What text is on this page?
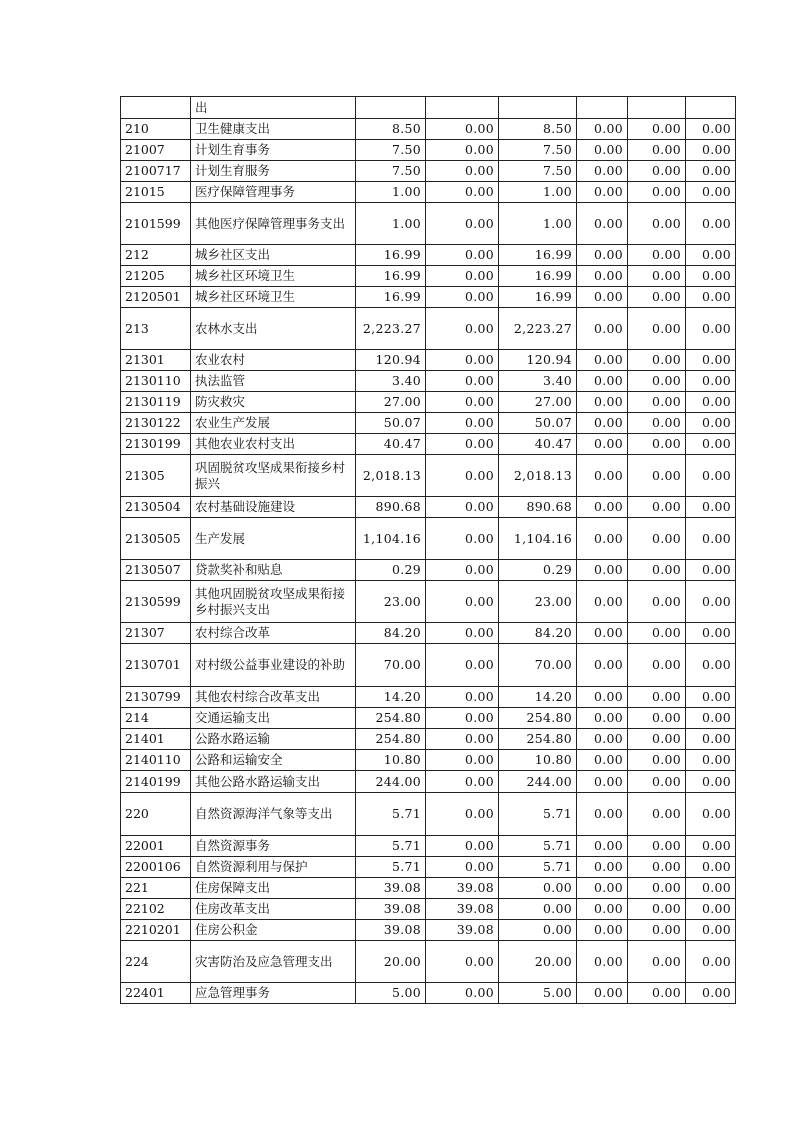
	出						
210	卫生健康支出	8.50	0.00	8.50	0.00	0.00	0.00
21007	计划生育事务	7.50	0.00	7.50	0.00	0.00	0.00
2100717	计划生育服务	7.50	0.00	7.50	0.00	0.00	0.00
21015	医疗保障管理事务	1.00	0.00	1.00	0.00	0.00	0.00
2101599	其他医疗保障管理事务支出	1.00	0.00	1.00	0.00	0.00	0.00
212	城乡社区支出	16.99	0.00	16.99	0.00	0.00	0.00
21205	城乡社区环境卫生	16.99	0.00	16.99	0.00	0.00	0.00
2120501	城乡社区环境卫生	16.99	0.00	16.99	0.00	0.00	0.00
213	农林水支出	2,223.27	0.00	2,223.27	0.00	0.00	0.00
21301	农业农村	120.94	0.00	120.94	0.00	0.00	0.00
2130110	执法监管	3.40	0.00	3.40	0.00	0.00	0.00
2130119	防灾救灾	27.00	0.00	27.00	0.00	0.00	0.00
2130122	农业生产发展	50.07	0.00	50.07	0.00	0.00	0.00
2130199	其他农业农村支出	40.47	0.00	40.47	0.00	0.00	0.00
21305	巩固脱贫攻坚成果衔接乡村振兴	2,018.13	0.00	2,018.13	0.00	0.00	0.00
2130504	农村基础设施建设	890.68	0.00	890.68	0.00	0.00	0.00
2130505	生产发展	1,104.16	0.00	1,104.16	0.00	0.00	0.00
2130507	贷款奖补和贴息	0.29	0.00	0.29	0.00	0.00	0.00
2130599	其他巩固脱贫攻坚成果衔接乡村振兴支出	23.00	0.00	23.00	0.00	0.00	0.00
21307	农村综合改革	84.20	0.00	84.20	0.00	0.00	0.00
2130701	对村级公益事业建设的补助	70.00	0.00	70.00	0.00	0.00	0.00
2130799	其他农村综合改革支出	14.20	0.00	14.20	0.00	0.00	0.00
214	交通运输支出	254.80	0.00	254.80	0.00	0.00	0.00
21401	公路水路运输	254.80	0.00	254.80	0.00	0.00	0.00
2140110	公路和运输安全	10.80	0.00	10.80	0.00	0.00	0.00
2140199	其他公路水路运输支出	244.00	0.00	244.00	0.00	0.00	0.00
220	自然资源海洋气象等支出	5.71	0.00	5.71	0.00	0.00	0.00
22001	自然资源事务	5.71	0.00	5.71	0.00	0.00	0.00
2200106	自然资源利用与保护	5.71	0.00	5.71	0.00	0.00	0.00
221	住房保障支出	39.08	39.08	0.00	0.00	0.00	0.00
22102	住房改革支出	39.08	39.08	0.00	0.00	0.00	0.00
2210201	住房公积金	39.08	39.08	0.00	0.00	0.00	0.00
224	灾害防治及应急管理支出	20.00	0.00	20.00	0.00	0.00	0.00
22401	应急管理事务	5.00	0.00	5.00	0.00	0.00	0.00
